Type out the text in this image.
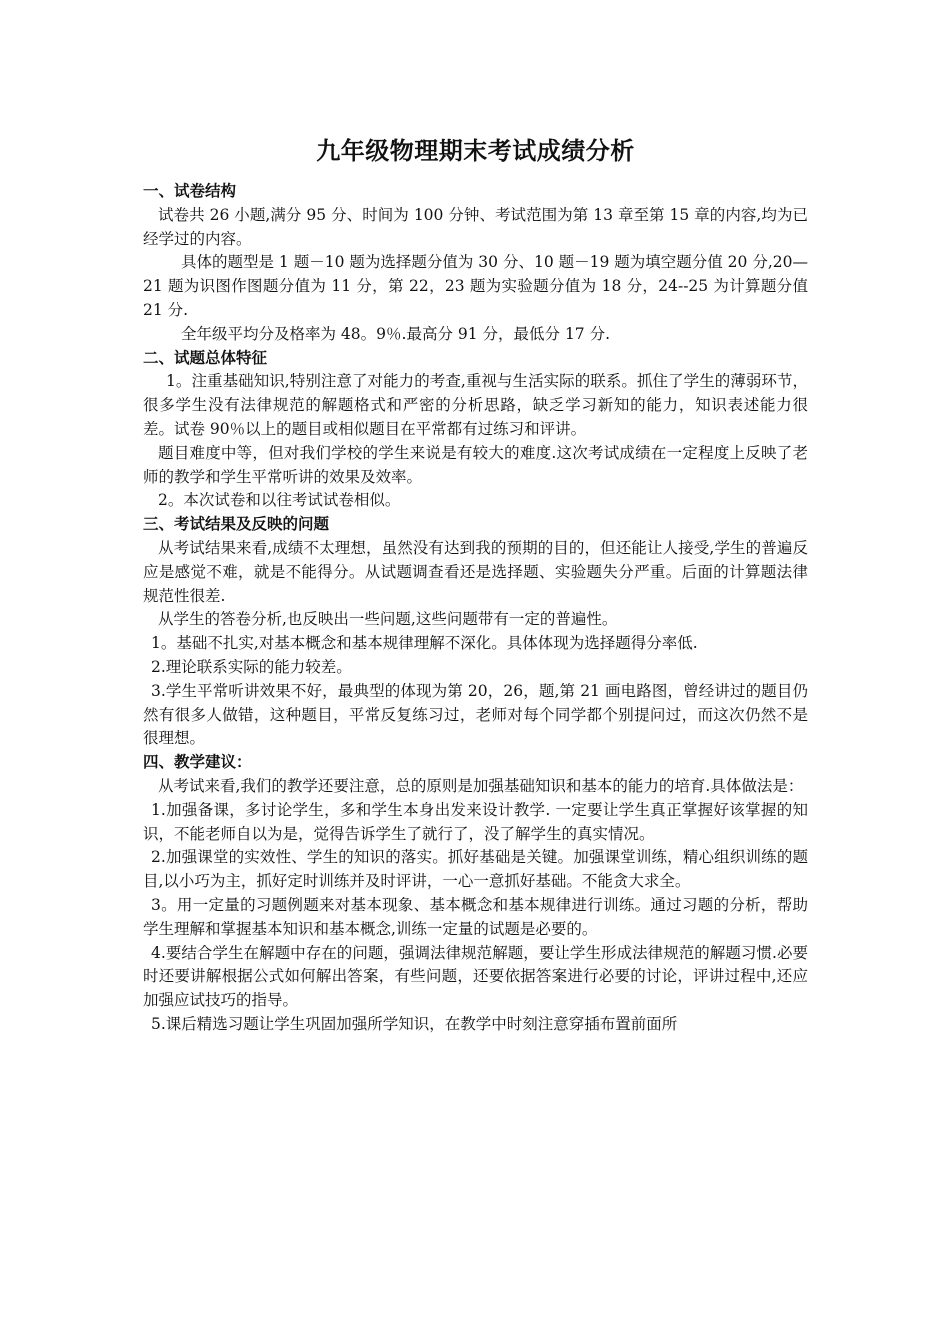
九年级物理期末考试成绩分析
一、试卷结构

试卷共 26 小题,满分 95 分、时间为 100 分钟、考试范围为第 13 章至第 15 章的内容,均为已经学过的内容。

具体的题型是 1 题－10 题为选择题分值为 30 分、10 题－19 题为填空题分值 20 分,20—21 题为识图作图题分值为 11 分，第 22，23 题为实验题分值为 18 分，24--25 为计算题分值 21 分.

全年级平均分及格率为 48。9％.最高分 91 分，最低分 17 分.

二、试题总体特征

1。注重基础知识,特别注意了对能力的考查,重视与生活实际的联系。抓住了学生的薄弱环节，很多学生没有法律规范的解题格式和严密的分析思路，缺乏学习新知的能力，知识表述能力很差。试卷 90％以上的题目或相似题目在平常都有过练习和评讲。

题目难度中等，但对我们学校的学生来说是有较大的难度.这次考试成绩在一定程度上反映了老师的教学和学生平常听讲的效果及效率。

2。本次试卷和以往考试试卷相似。

三、考试结果及反映的问题

从考试结果来看,成绩不太理想，虽然没有达到我的预期的目的，但还能让人接受,学生的普遍反应是感觉不难，就是不能得分。从试题调查看还是选择题、实验题失分严重。后面的计算题法律规范性很差.

从学生的答卷分析,也反映出一些问题,这些问题带有一定的普遍性。

1。基础不扎实,对基本概念和基本规律理解不深化。具体体现为选择题得分率低.

2.理论联系实际的能力较差。

3.学生平常听讲效果不好，最典型的体现为第 20，26，题,第 21 画电路图，曾经讲过的题目仍然有很多人做错，这种题目，平常反复练习过，老师对每个同学都个别提问过，而这次仍然不是很理想。

四、教学建议：

从考试来看,我们的教学还要注意，总的原则是加强基础知识和基本的能力的培育.具体做法是：

1.加强备课，多讨论学生，多和学生本身出发来设计教学. 一定要让学生真正掌握好该掌握的知识，不能老师自以为是，觉得告诉学生了就行了，没了解学生的真实情况。

2.加强课堂的实效性、学生的知识的落实。抓好基础是关键。加强课堂训练，精心组织训练的题目,以小巧为主，抓好定时训练并及时评讲，一心一意抓好基础。不能贪大求全。

3。用一定量的习题例题来对基本现象、基本概念和基本规律进行训练。通过习题的分析，帮助学生理解和掌握基本知识和基本概念,训练一定量的试题是必要的。

4.要结合学生在解题中存在的问题，强调法律规范解题，要让学生形成法律规范的解题习惯.必要时还要讲解根据公式如何解出答案，有些问题，还要依据答案进行必要的讨论，评讲过程中,还应加强应试技巧的指导。

5.课后精选习题让学生巩固加强所学知识，在教学中时刻注意穿插布置前面所
